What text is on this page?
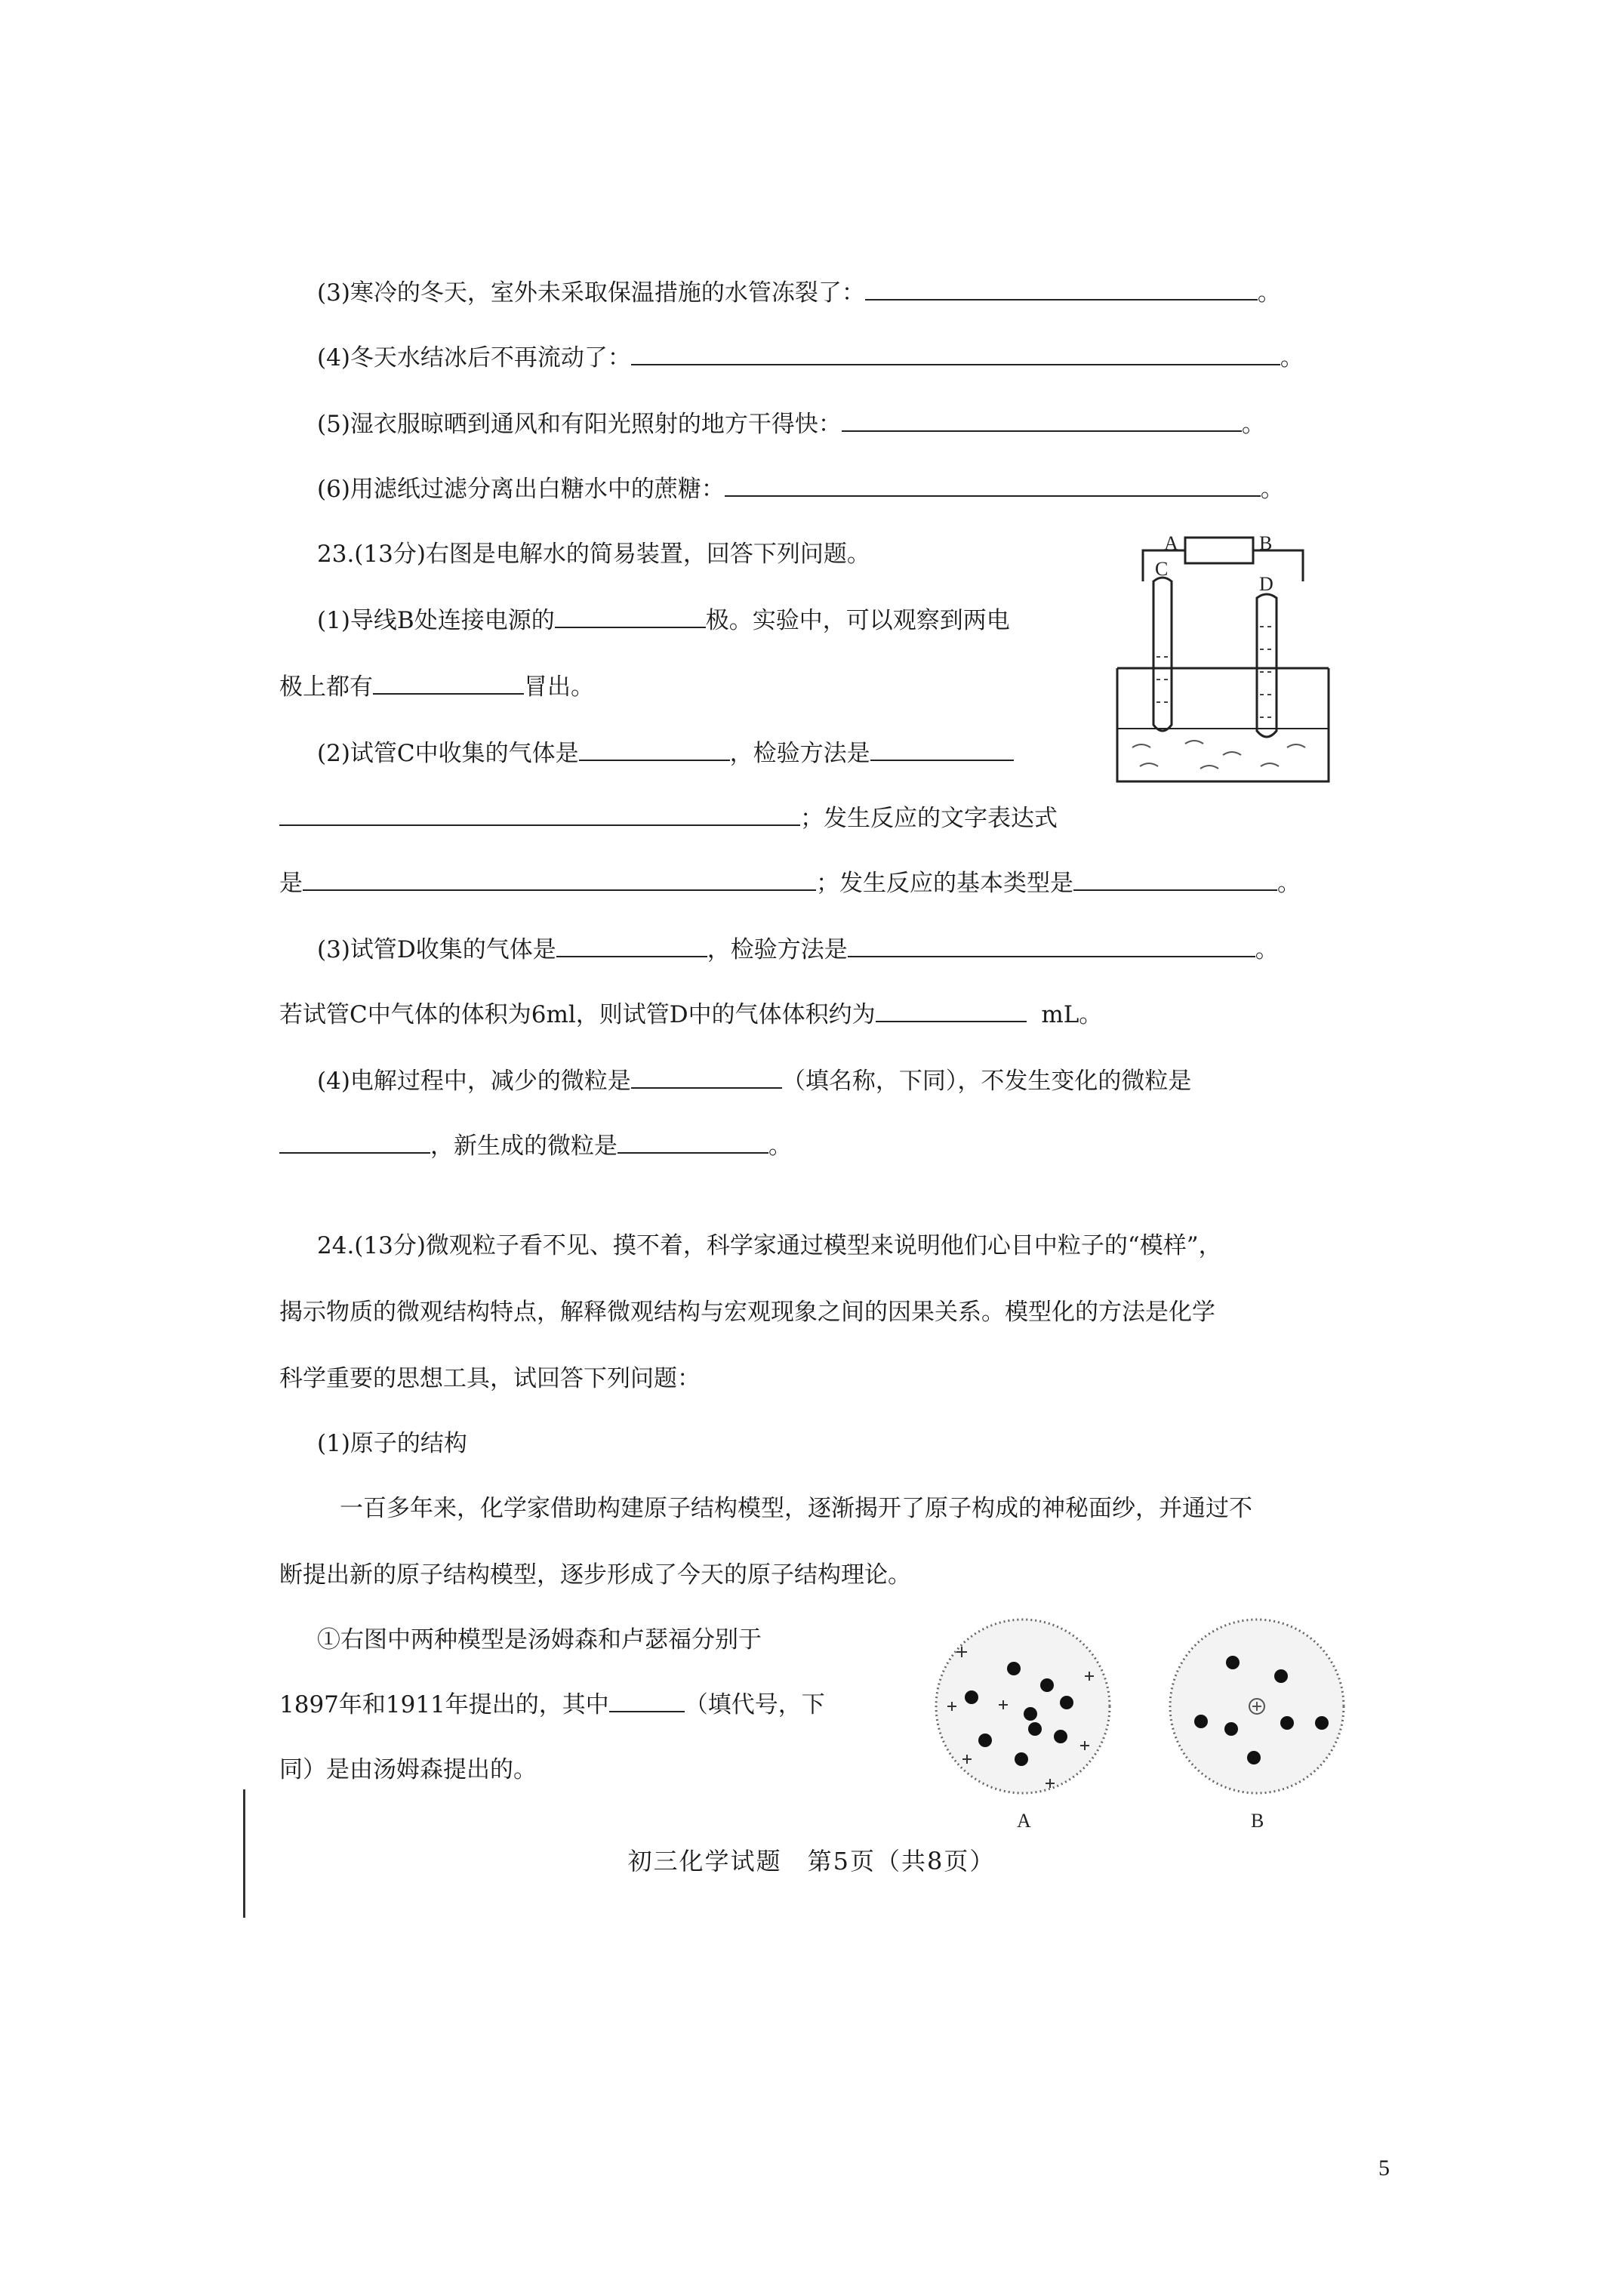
(3)寒冷的冬天，室外未采取保温措施的水管冻裂了：	。
(4)冬天水结冰后不再流动了：	。
(5)湿衣服晾晒到通风和有阳光照射的地方干得快：	。
(6)用滤纸过滤分离出白糖水中的蔗糖：	。
23.(13分)右图是电解水的简易装置，回答下列问题。
(1)导线B处连接电源的	极。实验中，可以观察到两电
极上都有	冒出。
(2)试管C中收集的气体是	，检验方法是
；发生反应的文字表达式
是	；发生反应的基本类型是	。
(3)试管D收集的气体是	，检验方法是	。
若试管C中气体的体积为6ml，则试管D中的气体体积约为	mL。
(4)电解过程中，减少的微粒是	（填名称，下同），不发生变化的微粒是
，新生成的微粒是	。
A	B
C
D
24.(13分)微观粒子看不见、摸不着，科学家通过模型来说明他们心目中粒子的“模样”，
揭示物质的微观结构特点，解释微观结构与宏观现象之间的因果关系。模型化的方法是化学
科学重要的思想工具，试回答下列问题：
(1)原子的结构
一百多年来，化学家借助构建原子结构模型，逐渐揭开了原子构成的神秘面纱，并通过不
断提出新的原子结构模型，逐步形成了今天的原子结构理论。
①右图中两种模型是汤姆森和卢瑟福分别于
1897年和1911年提出的，其中	（填代号，下
同）是由汤姆森提出的。
A	B
初三化学试题　第5页（共8页）
5
